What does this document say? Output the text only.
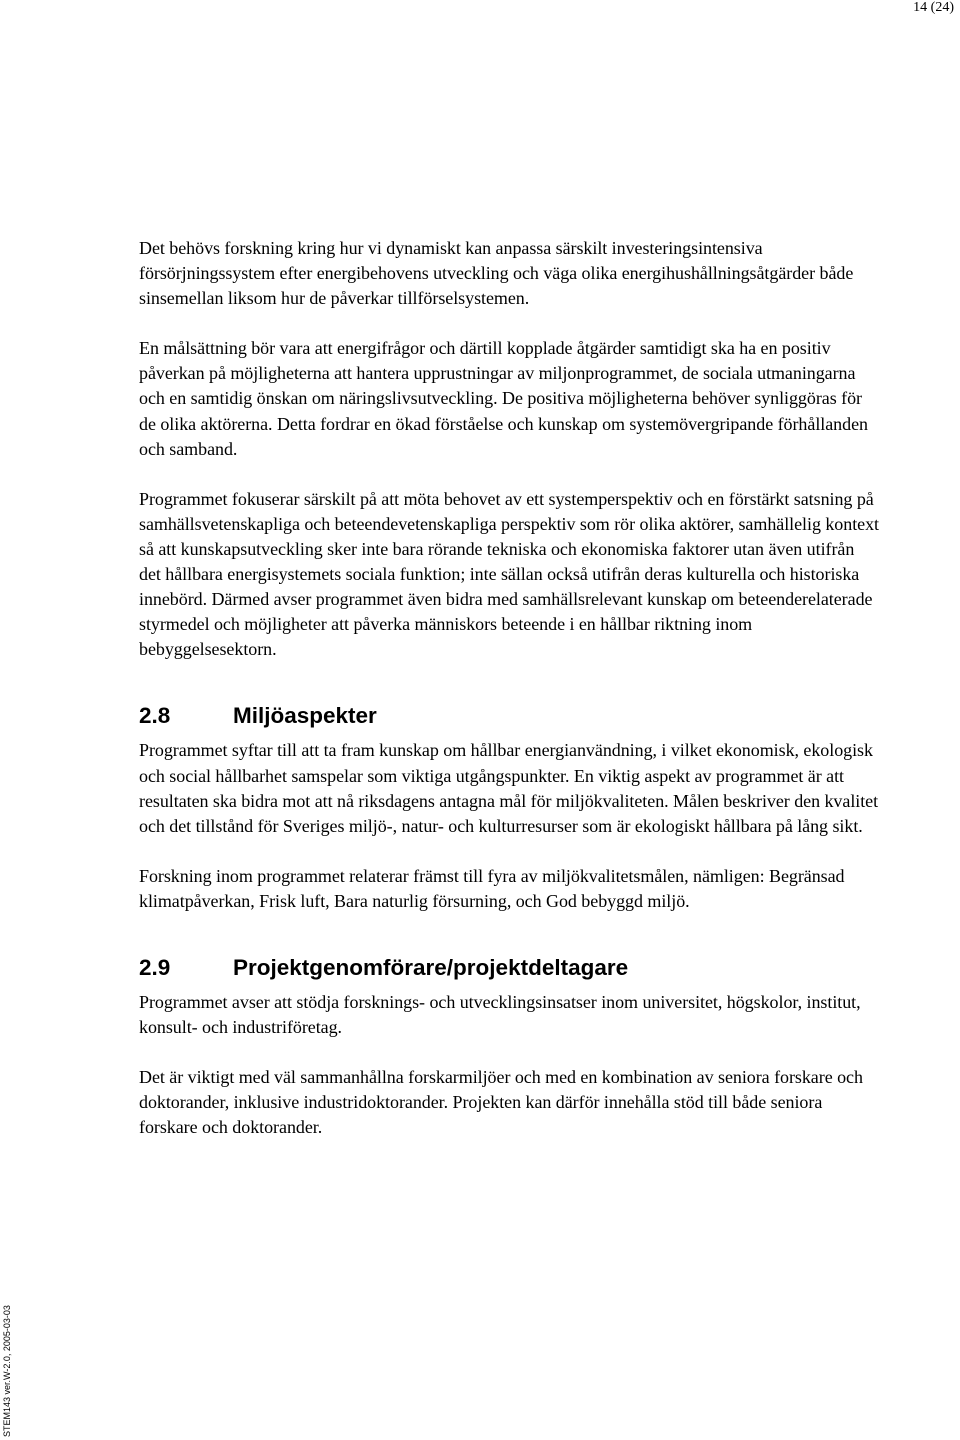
14 (24)
STEM143 ver.W-2.0, 2005-03-03

Det behövs forskning kring hur vi dynamiskt kan anpassa särskilt investeringsintensiva försörjningssystem efter energibehovens utveckling och väga olika energihushållningsåtgärder både sinsemellan liksom hur de påverkar tillförselsystemen.

En målsättning bör vara att energifrågor och därtill kopplade åtgärder samtidigt ska ha en positiv påverkan på möjligheterna att hantera upprustningar av miljonprogrammet, de sociala utmaningarna och en samtidig önskan om näringslivsutveckling. De positiva möjligheterna behöver synliggöras för de olika aktörerna. Detta fordrar en ökad förståelse och kunskap om systemövergripande förhållanden och samband.

Programmet fokuserar särskilt på att möta behovet av ett systemperspektiv och en förstärkt satsning på samhällsvetenskapliga och beteendevetenskapliga perspektiv som rör olika aktörer, samhällelig kontext så att kunskapsutveckling sker inte bara rörande tekniska och ekonomiska faktorer utan även utifrån det hållbara energisystemets sociala funktion; inte sällan också utifrån deras kulturella och historiska innebörd. Därmed avser programmet även bidra med samhällsrelevant kunskap om beteenderelaterade styrmedel och möjligheter att påverka människors beteende i en hållbar riktning inom bebyggelsesektorn.

2.8	Miljöaspekter

Programmet syftar till att ta fram kunskap om hållbar energianvändning, i vilket ekonomisk, ekologisk och social hållbarhet samspelar som viktiga utgångspunkter. En viktig aspekt av programmet är att resultaten ska bidra mot att nå riksdagens antagna mål för miljökvaliteten. Målen beskriver den kvalitet och det tillstånd för Sveriges miljö-, natur- och kulturresurser som är ekologiskt hållbara på lång sikt.

Forskning inom programmet relaterar främst till fyra av miljökvalitetsmålen, nämligen: Begränsad klimatpåverkan, Frisk luft, Bara naturlig försurning, och God bebyggd miljö.

2.9	Projektgenomförare/projektdeltagare

Programmet avser att stödja forsknings- och utvecklingsinsatser inom universitet, högskolor, institut, konsult- och industriföretag.

Det är viktigt med väl sammanhållna forskarmiljöer och med en kombination av seniora forskare och doktorander, inklusive industridoktorander. Projekten kan därför innehålla stöd till både seniora forskare och doktorander.
